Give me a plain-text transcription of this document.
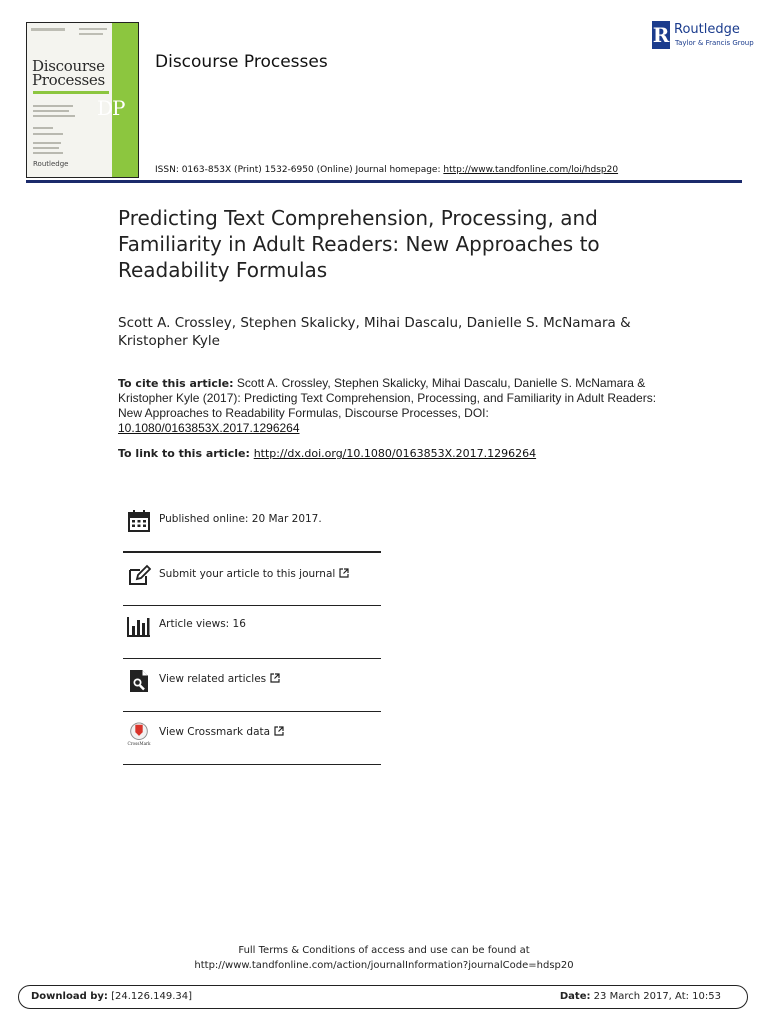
Discourse
Processes
DP
Routledge
Discourse Processes
R Routledge
Taylor & Francis Group
ISSN: 0163-853X (Print) 1532-6950 (Online) Journal homepage: http://www.tandfonline.com/loi/hdsp20
Predicting Text Comprehension, Processing, and Familiarity in Adult Readers: New Approaches to Readability Formulas
Scott A. Crossley, Stephen Skalicky, Mihai Dascalu, Danielle S. McNamara & Kristopher Kyle
To cite this article: Scott A. Crossley, Stephen Skalicky, Mihai Dascalu, Danielle S. McNamara & Kristopher Kyle (2017): Predicting Text Comprehension, Processing, and Familiarity in Adult Readers: New Approaches to Readability Formulas, Discourse Processes, DOI: 10.1080/0163853X.2017.1296264
To link to this article: http://dx.doi.org/10.1080/0163853X.2017.1296264
Published online: 20 Mar 2017.
Submit your article to this journal
Article views: 16
View related articles
CrossMark
View Crossmark data
Full Terms & Conditions of access and use can be found at
http://www.tandfonline.com/action/journalInformation?journalCode=hdsp20
Download by: [24.126.149.34]	Date: 23 March 2017, At: 10:53
